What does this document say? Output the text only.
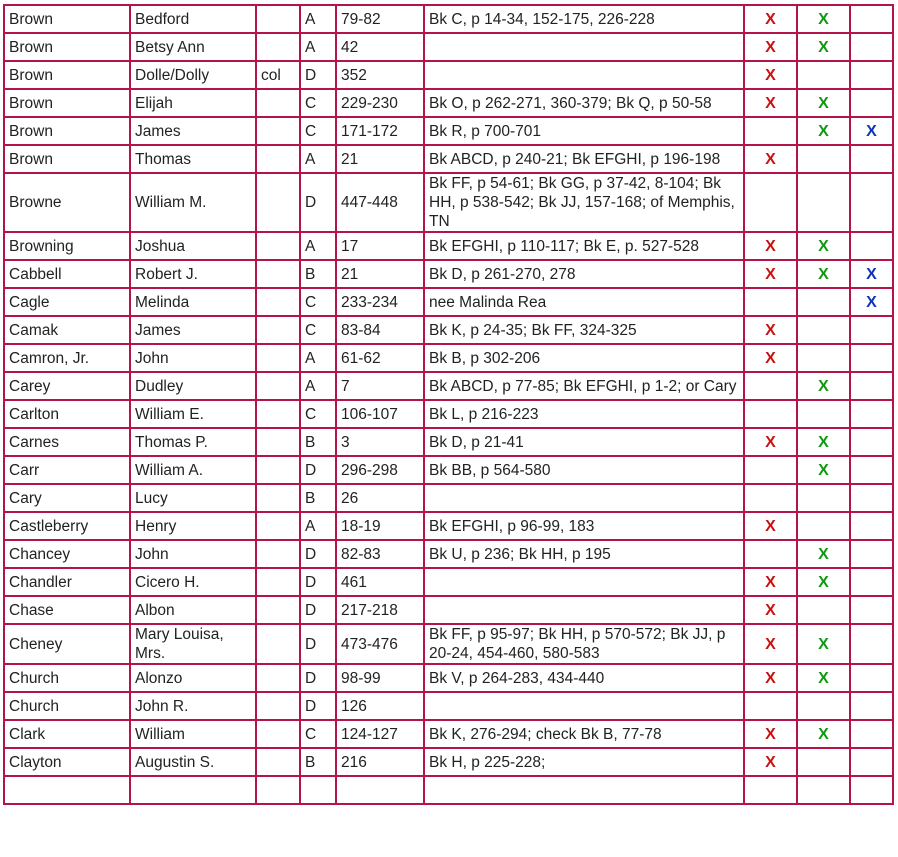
Brown	Bedford		A	79-82	Bk C, p 14-34, 152-175, 226-228	X	X	
Brown	Betsy Ann		A	42		X	X	
Brown	Dolle/Dolly	col	D	352		X		
Brown	Elijah		C	229-230	Bk O, p 262-271, 360-379; Bk Q, p 50-58	X	X	
Brown	James		C	171-172	Bk R, p 700-701		X	X
Brown	Thomas		A	21	Bk ABCD, p 240-21; Bk EFGHI, p 196-198	X		
Browne	William M.		D	447-448	Bk FF, p 54-61; Bk GG, p 37-42, 8-104; Bk HH, p 538-542; Bk JJ, 157-168; of Memphis, TN			
Browning	Joshua		A	17	Bk EFGHI, p 110-117; Bk E, p. 527-528	X	X	
Cabbell	Robert J.		B	21	Bk D, p 261-270, 278	X	X	X
Cagle	Melinda		C	233-234	nee Malinda Rea			X
Camak	James		C	83-84	Bk K, p 24-35; Bk FF, 324-325	X		
Camron, Jr.	John		A	61-62	Bk B, p 302-206	X		
Carey	Dudley		A	7	Bk ABCD, p 77-85; Bk EFGHI, p 1-2; or Cary		X	
Carlton	William E.		C	106-107	Bk L, p 216-223			
Carnes	Thomas P.		B	3	Bk D, p 21-41	X	X	
Carr	William A.		D	296-298	Bk BB, p 564-580		X	
Cary	Lucy		B	26				
Castleberry	Henry		A	18-19	Bk EFGHI, p 96-99, 183	X		
Chancey	John		D	82-83	Bk U, p 236; Bk HH, p 195		X	
Chandler	Cicero H.		D	461		X	X	
Chase	Albon		D	217-218		X		
Cheney	Mary Louisa, Mrs.		D	473-476	Bk FF, p 95-97; Bk HH, p 570-572; Bk JJ, p 20-24, 454-460, 580-583	X	X	
Church	Alonzo		D	98-99	Bk V, p 264-283, 434-440	X	X	
Church	John R.		D	126				
Clark	William		C	124-127	Bk K, 276-294; check Bk B, 77-78	X	X	
Clayton	Augustin S.		B	216	Bk H, p 225-228;	X		
